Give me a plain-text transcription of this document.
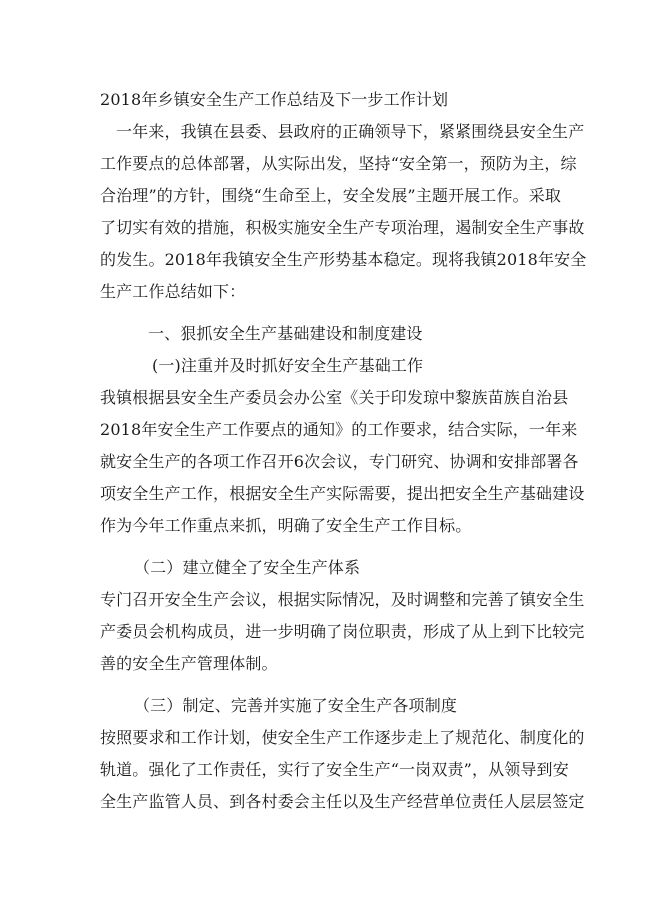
2018年乡镇安全生产工作总结及下一步工作计划
一年来，我镇在县委、县政府的正确领导下，紧紧围绕县安全生产
工作要点的总体部署，从实际出发，坚持“安全第一，预防为主，综
合治理”的方针，围绕“生命至上，安全发展”主题开展工作。采取
了切实有效的措施，积极实施安全生产专项治理，遏制安全生产事故
的发生。2018年我镇安全生产形势基本稳定。现将我镇2018年安全
生产工作总结如下：
一、狠抓安全生产基础建设和制度建设
(一)注重并及时抓好安全生产基础工作
我镇根据县安全生产委员会办公室《关于印发琼中黎族苗族自治县
2018年安全生产工作要点的通知》的工作要求，结合实际，一年来
就安全生产的各项工作召开6次会议，专门研究、协调和安排部署各
项安全生产工作，根据安全生产实际需要，提出把安全生产基础建设
作为今年工作重点来抓，明确了安全生产工作目标。
（二）建立健全了安全生产体系
专门召开安全生产会议，根据实际情况，及时调整和完善了镇安全生
产委员会机构成员，进一步明确了岗位职责，形成了从上到下比较完
善的安全生产管理体制。
（三）制定、完善并实施了安全生产各项制度
按照要求和工作计划，使安全生产工作逐步走上了规范化、制度化的
轨道。强化了工作责任，实行了安全生产“一岗双责”，从领导到安
全生产监管人员、到各村委会主任以及生产经营单位责任人层层签定
